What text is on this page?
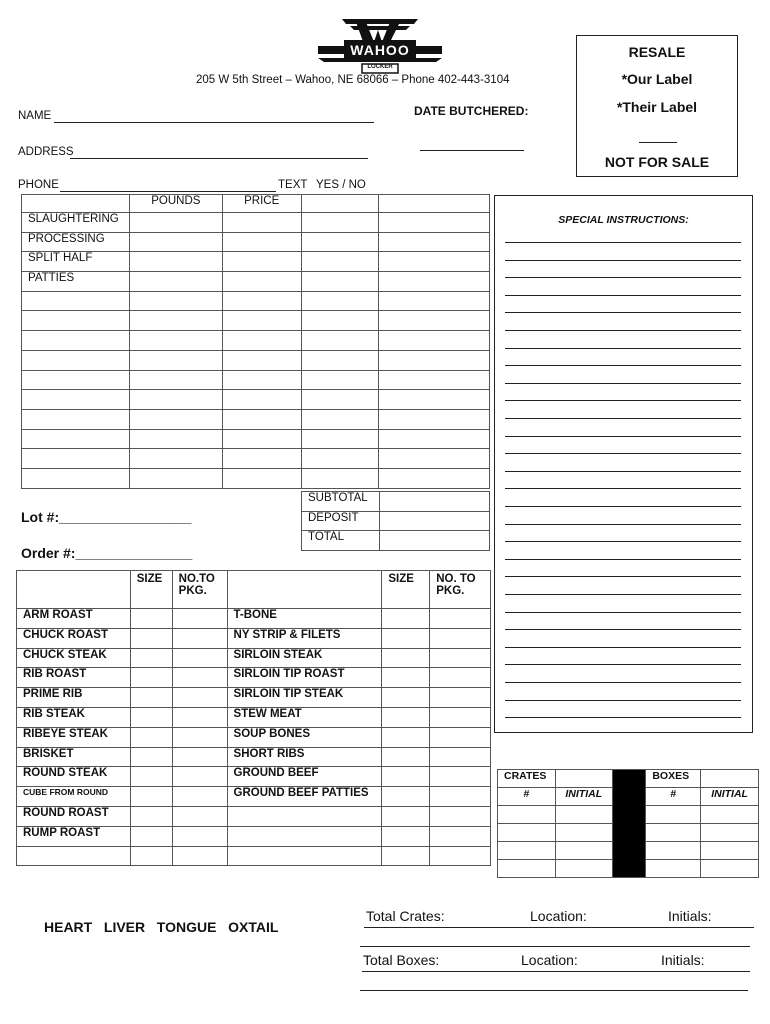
WAHOO
LOCKER
205 W 5th Street – Wahoo, NE 68066 – Phone 402-443-3104
NAME
ADDRESS
PHONE	TEXT YES / NO
DATE BUTCHERED:
RESALE
*Our Label
*Their Label
NOT FOR SALE
	POUNDS	PRICE		
SLAUGHTERING				
PROCESSING				
SPLIT HALF				
PATTIES				

SUBTOTAL	
DEPOSIT	
TOTAL	
Lot #:_________________
Order #:_______________
SPECIAL INSTRUCTIONS:
	SIZE	NO.TO PKG.		SIZE	NO. TO PKG.
ARM ROAST			T-BONE		
CHUCK ROAST			NY STRIP & FILETS		
CHUCK STEAK			SIRLOIN STEAK		
RIB ROAST			SIRLOIN TIP ROAST		
PRIME RIB			SIRLOIN TIP STEAK		
RIB STEAK			STEW MEAT		
RIBEYE STEAK			SOUP BONES		
BRISKET			SHORT RIBS		
ROUND STEAK			GROUND BEEF		
CUBE FROM ROUND			GROUND BEEF PATTIES		
ROUND ROAST					
RUMP ROAST					

CRATES			BOXES	
#	INITIAL		#	INITIAL

HEART   LIVER   TONGUE   OXTAIL
Total Crates:	Location:	Initials:
Total Boxes:	Location:	Initials:
